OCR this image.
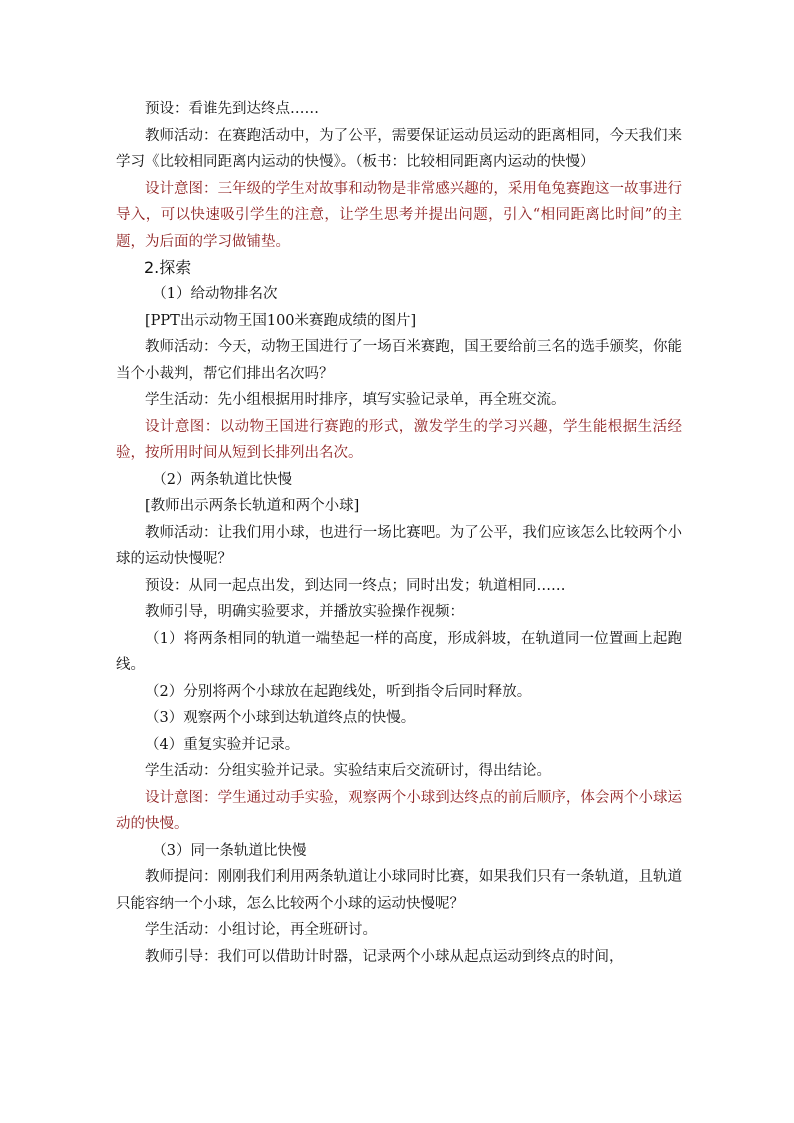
预设：看谁先到达终点……

教师活动：在赛跑活动中，为了公平，需要保证运动员运动的距离相同，今天我们来学习《比较相同距离内运动的快慢》。（板书：比较相同距离内运动的快慢）

设计意图：三年级的学生对故事和动物是非常感兴趣的，采用龟兔赛跑这一故事进行导入，可以快速吸引学生的注意，让学生思考并提出问题，引入“相同距离比时间”的主题，为后面的学习做铺垫。

2.探索

（1）给动物排名次

[PPT出示动物王国100米赛跑成绩的图片]

教师活动：今天，动物王国进行了一场百米赛跑，国王要给前三名的选手颁奖，你能当个小裁判，帮它们排出名次吗？

学生活动：先小组根据用时排序，填写实验记录单，再全班交流。

设计意图：以动物王国进行赛跑的形式，激发学生的学习兴趣，学生能根据生活经验，按所用时间从短到长排列出名次。

（2）两条轨道比快慢

[教师出示两条长轨道和两个小球]

教师活动：让我们用小球，也进行一场比赛吧。为了公平，我们应该怎么比较两个小球的运动快慢呢？

预设：从同一起点出发，到达同一终点；同时出发；轨道相同……

教师引导，明确实验要求，并播放实验操作视频：

（1）将两条相同的轨道一端垫起一样的高度，形成斜坡，在轨道同一位置画上起跑线。

（2）分别将两个小球放在起跑线处，听到指令后同时释放。

（3）观察两个小球到达轨道终点的快慢。

（4）重复实验并记录。

学生活动：分组实验并记录。实验结束后交流研讨，得出结论。

设计意图：学生通过动手实验，观察两个小球到达终点的前后顺序，体会两个小球运动的快慢。

（3）同一条轨道比快慢

教师提问：刚刚我们利用两条轨道让小球同时比赛，如果我们只有一条轨道，且轨道只能容纳一个小球，怎么比较两个小球的运动快慢呢？

学生活动：小组讨论，再全班研讨。

教师引导：我们可以借助计时器，记录两个小球从起点运动到终点的时间，
